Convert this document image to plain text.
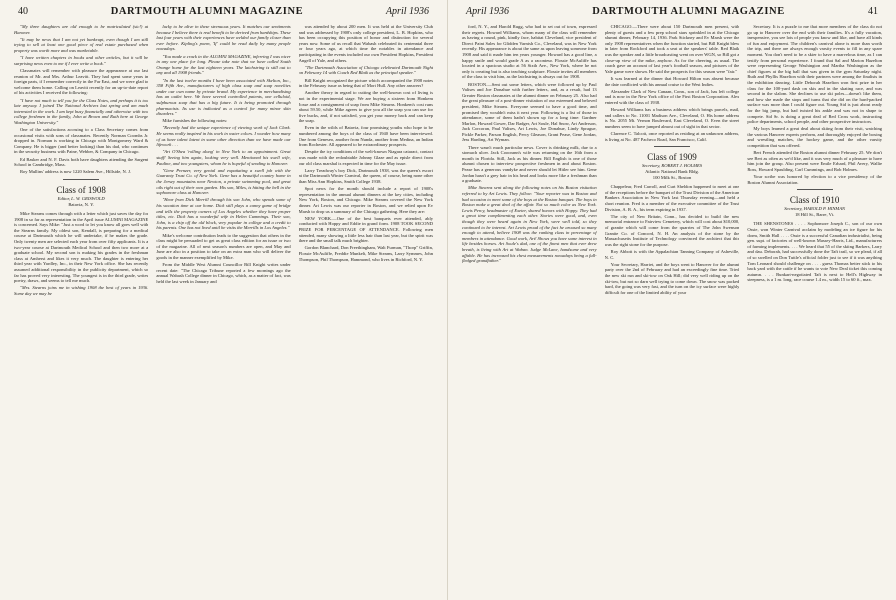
40	DARTMOUTH ALUMNI MAGAZINE	April 1936

"My three daughters are old enough to be matriculated (sic!) at Hanover.

"It may be news that I am not yet bankrupt, even though I am still trying to sell at least one good piece of real estate purchased when property was worth more and was marketable.

"I have written chapters in books and other articles, but it will be surprising news even to me if I ever write a book."

Classmates will remember with pleasure the appearance at our last reunion of Mr. and Mrs. Arthur Leavitt. They had spent some years in foreign parts, if I remember correctly in the Far East, and we were glad to welcome them home. Calling on Leavitt recently for an up-to-date report of his activities I received the following:

"I have not much to tell you for the Class Notes, and perhaps it is too late anyway. I joined The National Archives last spring and am much interested in the work. I am kept busy financially and otherwise with two college freshmen in the family, John at Brown and Ruth here at George Washington University."

One of the satisfactions accruing to a Class Secretary comes from occasional visits with sons of classmates. Recently Norman Coombs Jr. dropped in. Norman is working in Chicago with Montgomery Ward & Company. He is bigger (and better looking) than his dad, who continues in the security business with Paine, Webber, & Company in Chicago.

Ed Basker and N. F. Davis both have daughters attending the Sargent School in Cambridge, Mass.

Roy Mullins' address is now 1220 Salem Ave., Hillside, N. J.

Class of 1908
Editor, L. W. GRISWOLD
Batavia, N. Y.

Mike Stearns comes through with a letter which just saves the day for 1908 in so far as representation in the April issue ALUMNI MAGAZINE is concerned. Says Mike: "Just a word to let you know all goes well with the Stearns family. My oldest son, Kendall, is preparing for a medical course at Dartmouth which he will undertake, if he makes the grade. Only twenty men are selected each year from over fifty applicants. It is a two-year course at Dartmouth Medical School and then two more at a graduate school. My second son is making his grades in the freshman class at Amherst and likes it very much. The daughter is entering her third year with Yardley, Inc., in their New York office. She has recently assumed additional responsibility in the publicity department, which so far has proved very interesting. The youngest is in the third grade, writes poetry, draws, and seems to tell me much.

"Mrs. Stearns joins me in wishing 1908 the best of years in 1936. Some day we may be

lucky to be alive in these strenuous years. It matches our sentiments because I believe there is real benefit to be derived from hardships. These last four years with their experiences have welded our family closer than ever before. Kipling's poem, 'If' could be read daily by many people nowadays.

"You made a crack in the ALUMNI MAGAZINE, inferring I was nicer in any one place for long. Please take note that we have called South Orange home for the last eighteen years. The latchstring is still out to any and all 1908 friends."

"In the last twelve months I have been associated with Skelton, Inc., 358 Fifth Ave., manufacturers of high class soap and soap novelties under our own name by private brand. My experience in merchandising has an outlet here. We have several controlled patents, one celluloid, sulphurous soap that has a big future. It is being promoted through pharmacists. Its use is indicated as a control for many minor skin disorders."

Mike furnishes the following notes:

"Recently had the unique experience of viewing work of Jack Clark. He seems really inspired in his work in water colors. I wonder how many of us have talent latent in some other direction than we have made our lifework . . .

"Art O'Shea 'rolling along' in New York to an appointment. Great stuff! Seeing him again, looking very well. Mentioned his swell wife, Pauline, and two youngsters, whom he is hopeful of sending to Hanover.

"Gene Prenzer, very genial and expatiating a swell job with the Guaranty Trust Co. of New York. Gene has a beautiful country home in the Jersey mountains near Newton, a private swimming pool, and great oils right out of their own garden. His son, Miles, is hitting the bell in the sophomore class at Hanover.

"Hear from Dick Merrill through his son John, who spends some of his vacation time at our home. Dick still plays a canny game of bridge and tells the property owners of Los Angeles whether they have proper titles, etc. Dick has a wonderful wife in Helen Cummings. Their son, John, is a chip off the old block, very popular in college and a credit to his parents. One has not lived until he visits the Merrills in Los Angeles."

Mike's welcome contribution leads to the suggestion that others in the class might be persuaded to get as great class edition for an issue or two of the magazine. All of next season's numbers are open, and May and June are also in a position to take on an extra man who will deliver the goods in the manner exemplified by Mike.

From the Middle West Alumni Councillor Bill Knight writes under recent date: "The Chicago Tribune reported a few mornings ago the annual Wabash College dinner in Chicago, which, as a matter of fact, was held the last week in January and

was attended by about 200 men. It was held at the University Club and was addressed by 1908's only college president, L. B. Hopkins, who has been occupying this position of honor and distinction for several years now. Some of us recall that Wabash celebrated its centennial three or four years ago, at which time the notables in attendance and participating in the events included our own President Hopkins, President Angell of Yale, and others.

"The Dartmouth Association of Chicago celebrated Dartmouth Night on February 14 with Coach Red Blaik as the principal speaker."

Bill Knight recognized the picture which accompanied the 1908 notes in the February issue as being that of Mort Hull. Any other answers?

Another theory in regard to cutting the well-known cost of living is not in the experimental stage. We are buying a sixteen from Honkem Josse and a consignment of soap from Mike Stearns. Honkem's cost runs about 59.50, while Mike agrees to give you all the soap you can use for five bucks, and, if not satisfied, you get your money back and can keep the soap.

Even in the wilds of Batavia, four promising youths who hope to be numbered among the boys of the class of 1940 have been interviewed. One from Geneseo, another from Nunda, another from Medina, an Indian from Rochester. All appeared to be extraordinary prospects.

Despite the icy conditions of the welt-known Niagara cataract, contact was made with the redoubtable Johnny Glaze and as episle direct from our old class marshal is expected in time for the May issue.

Larry Treadway's boy Dick, Dartmouth 1938, was the queen's escort at the Dartmouth Winter Carnival, the queen, of course, being none other than Miss Ann Hopkins, Smith College 1938.

Spot news for the month should include a report of 1908's representation in the annual alumni dinners at the key cities, including New York, Boston, and Chicago. Mike Stearns covered the New York dinner. Art Lewis was our reporter in Boston, and we relied upon Ev Marsh to drop us a summary of the Chicago gathering. Here they are:

NEW YORK.—One of the best banquets ever attended, ably conducted with Hoppy and Eddie in grand form. 1908 TOOK SECOND PRIZE FOR PERCENTAGE OF ATTENDANCE. Following men attended, many showing a little less hair than last year, but the spirit was there and the small talk much brighter.

Gordon Blanchard, Don Freethingham, Walt Furman, "Thorp" Griffin, Flossie McAuliffe, Freddie Munkelt, Mike Stearns, Larry Symmes, John Thompson, Phil Thompson, Hammond, who lives in Richford, N. Y.

April 1936	DARTMOUTH ALUMNI MAGAZINE	41

ford, N. Y., and Harold Rugg, who had to set out of town, expressed their regrets. Howard Williams, whom many of the class will remember as having a round, pink, kindly face, habitat Cleveland, vice president of Direct Paint Sales for Glidden Varnish Co., Cleveland, was in New York recently. His appearance is about the same as upon leaving someone from 1908 and said it made him ten years younger. Howard has a good line, a happy smile and would grade A as a raconteur. Flossie McAuliffe has located in a spacious studio at 56 Sixth Ave., New York, where he not only is creating but is also teaching sculpture. Flossie invites all members of the class to visit him, as the latchstring is always out for 1908.

BOSTON.—Sent out some letters, which were followed up by Paul Valises and Joe Donahue with further letters, and, as a result, had 13 Greater Boston classmates at the alumni dinner on February 25. Also had the great pleasure of a post-dinner visitation of our esteemed and beloved president, Mike Stearns. Everyone seemed to have a good time, and promised they wouldn't miss it next year. Following is a list of those in attendance, some of them hadn't shown up for a long time: Gardner Marlon, Howard Gower, Dar Badger, Art Soule, Hal Snow, Art Anderson, Jack Corcoran, Paul Valises, Art Lewis, Joe Donahue, Lindy Sprague, Pickle Parker, Parson English, Percy Gleason, Grant Pease, Gene Jordan, Jess Harding, Art Wyman.

There wasn't much particular news. Cover is drinking milk, due to a stomach ulcer. Jack Cooorann's wife was returning on the 16th from a month in Florida. Still, Jack as his dinner. Bill English is one of those alumni chosen to interview prospective freshmen in and about Boston. Pease has a generous vandyke and never should let Hitler see him. Gene Jordan hasn't a grey hair in his head and looks more like a freshman than a graduate.

Mike Stearns sent along the following notes on his Boston visitation referred to by Art Lewis. They follow: "Your reporter was in Boston and had occasion to meet some of the boys at the Boston banquet. The boys in Boston make a great deal of the affair. Not so much color as New York. Lewis Percy, headmaster of Exeter, shared honors with Hoppy. They had a great time complimenting each other. Stories were good, and, even though they were heard again in New York, were well told, so they continued to be interest. Art Lewis proud of the fact he aroused so many enough to attend, believe 1908 was the ranking class in percentage of members in attendance. Good work, Art! Shows you have some interest in life besides horses. Art Soule's dad, one of the finest men that ever drew breath, is living with Art at Waban. Judge McLane, handsome and very affable. He has increased his chest measurements nowadays being a full-fledged grandfather."

CHICAGO.—There were about 150 Dartmouth men present, with plenty of guests and a few prep school stars sprinkled in at the Chicago alumni dinner, February 14, 1936. Park Stickney and Ev Marsh were the only 1908 representatives when the function started, but Bill Knight blew in later from Rockford and took a seat at the speakers' table. Red Blaik was the speaker and a little broadcasting went on over WGN, so Bill got a close-up view of the mike, anyhow. As for the cheering, as usual. The coach gave an account of last year's football season, and pictures of the Yale game were shown. He said the prospects for this season were "fair."

It was learned at the dinner that Howard Hilton was absent because the date conflicted with his annual cruise to the West Indies.

Alexander Clark of New Canaan, Conn., son of Jack, has left college and is now in the New York office of the First Boston Corporation. Alex entered with the class of 1938.

Howard Williams has a business address which brings parcels, mail, and callers to No. 11001 Madison Ave., Cleveland, O. His home address is No. 2055 Mt. Vernon Boulevard, East Cleveland, O. Even the street numbers seem to have jumped almost out of sight in that sector.

Clarence C. Talcott, once reported as residing at an unknown address, is living at No. 487 Pacheco Road, San Francisco, Calif.

Class of 1909
Secretary, ROBERT J. HOLMES
Atlantic National Bank Bldg.
100 Milk St., Boston

Chappelear, Fred Carroll, and Curt Sheldon happened to meet at one of the receptions before the banquet of the Trust Division of the American Bankers Association in New York last Thursday evening—and held a short reunion. Fred is a member of the executive committee of the Trust Division, A. B. A., his term expiring in 1937.

The city of New Britain, Conn., has decided to build the new memorial entrance to Fairview Cemetery, which will cost about $10,000, of granite which will come from the quarries of The John Swenson Granite Co. of Concord, N. H. An analysis of the stone by the Massachusetts Institute of Technology convinced the architect that this was the right stone for the purpose.

Roy Abbott is with the Appalachian Tanning Company of Asheville, N. C.

Your Secretary, Harriet, and the boys went to Hanover for the alumni party over the 2nd of February and had an exceedingly fine time. Tried the new ski run and ski-tow on Oak Hill; did very well riding up on the ski-tow, but not so darn well trying to come down. The snow was packed hard, the going was very fast, and the turn on the icy surface were highly difficult for one of the limited ability of your

Secretary. It is a puzzle to me that more members of the class do not go up to Hanover over the end with their families. It's a fully vacation, inexpensive, you see lots of people you know and like, and have all kinds of fun and enjoyment. The children's carnival alone is more than worth the trip, and there are always enough varsity events to fill in any spare moment. You don't need to be a skier to have a marvelous time, as I can testify from personal experience. I found that Sal and Marion Hazelton were representing George Washington and Martha Washington as the chief figures at the big ball that was given in the gym Saturday night. Ruth and Phyllis Hazelton with their partners were among the finalists in the exhibition dancing. Little Deborah Hazelton won first prize in her class for the 100-yard dash on skis and in the skating race, and was second in the slalom. She declines to use ski poles—doesn't like them, and how she made the stops and turns that she did on the hard-packed surface was more than I could figure out. Young Sid is just about ready for the big jump, but had twisted his ankle and was not in shape to compete. Sid Sr. is doing a great deal of Red Cross work, instructing police departments, school people, and other prospective instructors.

My boys learned a great deal about skiing from their visit, watching the various Hanover experts perform, and thoroughly enjoyed the boxing and wrestling matches, the hockey game, and the other varsity competition that was offered.

Bert French attended the Boston alumni dinner February 25. We don't see Bert as often as we'd like, and it was very much of a pleasure to have him join the group. Also present were Emile Erhard, Phil Avery, Wallie Ross, Howard Spaulding, Carl Cummings, and Bob Holmes.

Your scribe was honored by election to a vice presidency of the Boston Alumni Association.

Class of 1910
Secretary, HAROLD P. HINMAN
18 Hill St., Barre, Vt.

THE SHENSTONES . . . . Sophomore Joseph C., son of our own Ossie, won Winter Carnival acclaim by modeling an ice figure for his dorm, Smith Hall . . . . Ossie is a successful Canadian industrialist, being gen. supt. of factories of well-known Massey-Harris, Ltd., manufacturers of farming implements. . . . We heard that 55 of the skiing Barkers, Larry and dau. Deborah, had successfully done the Taft trail, so we plead, if all of so swelled on Don Tuttle's official folder just to see if it was anything Tom Leonard should challenge on . . . . guess Thomas better stick to his back yard with the cattle if he wants to vote New Deal ticket this coming autumn. . . . Bunkart-negotiated Taft is next to Hell's Highway in steepness, is a 1 m. long, race course 1.4 m., width 15 to 60 ft., max.
